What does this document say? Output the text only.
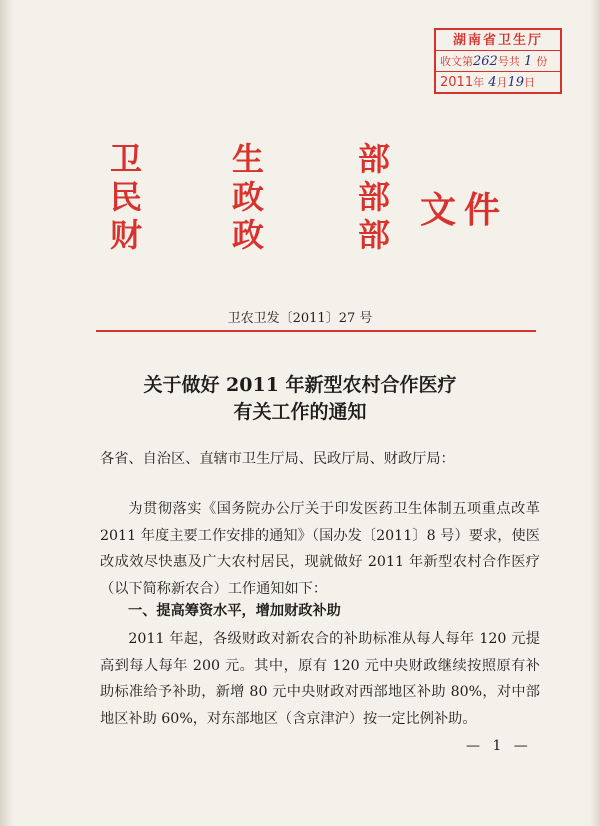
湖南省卫生厅
收文第262号共 1 份
2011年 4月19日
卫
民
财
生
政
政
部
部
部
文件
卫农卫发〔2011〕27 号
关于做好 2011 年新型农村合作医疗
有关工作的通知
各省、自治区、直辖市卫生厅局、民政厅局、财政厅局：

为贯彻落实《国务院办公厅关于印发医药卫生体制五项重点改革 2011 年度主要工作安排的通知》（国办发〔2011〕8 号）要求，使医改成效尽快惠及广大农村居民，现就做好 2011 年新型农村合作医疗（以下简称新农合）工作通知如下：

一、提高筹资水平，增加财政补助

2011 年起，各级财政对新农合的补助标准从每人每年 120 元提高到每人每年 200 元。其中，原有 120 元中央财政继续按照原有补助标准给予补助，新增 80 元中央财政对西部地区补助 80%，对中部地区补助 60%，对东部地区（含京津沪）按一定比例补助。

— 1 —
